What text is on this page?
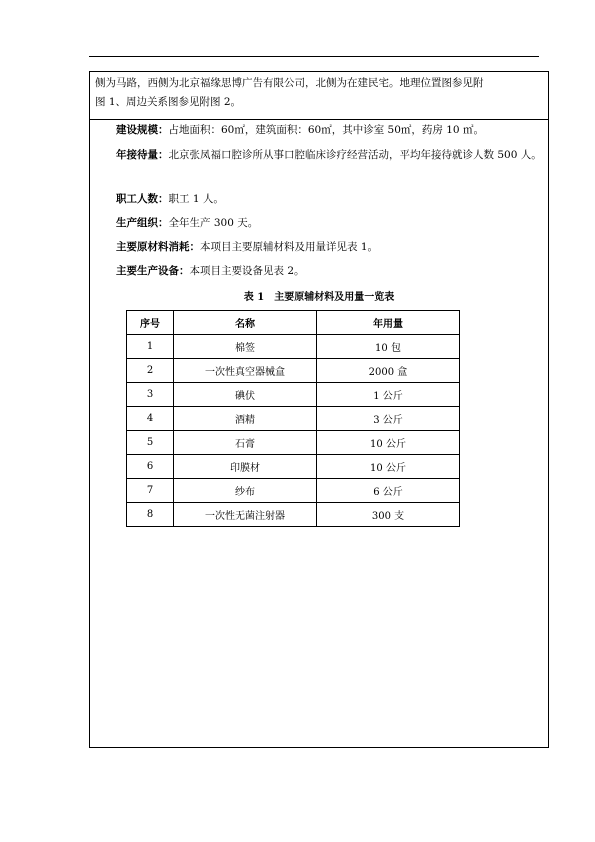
侧为马路，西侧为北京福缘思博广告有限公司，北侧为在建民宅。地理位置图参见附
图 1、周边关系图参见附图 2。
建设规模：占地面积：60㎡，建筑面积：60㎡，其中诊室 50㎡，药房 10 ㎡。
年接待量：北京张凤福口腔诊所从事口腔临床诊疗经营活动，平均年接待就诊人数 500 人。
职工人数：职工 1 人。
生产组织：全年生产 300 天。
主要原材料消耗：本项目主要原辅材料及用量详见表 1。
主要生产设备：本项目主要设备见表 2。
表 1　主要原辅材料及用量一览表
序号	名称	年用量
1	棉签	10 包
2	一次性真空器械盒	2000 盒
3	碘伏	1 公斤
4	酒精	3 公斤
5	石膏	10 公斤
6	印膜材	10 公斤
7	纱布	6 公斤
8	一次性无菌注射器	300 支
